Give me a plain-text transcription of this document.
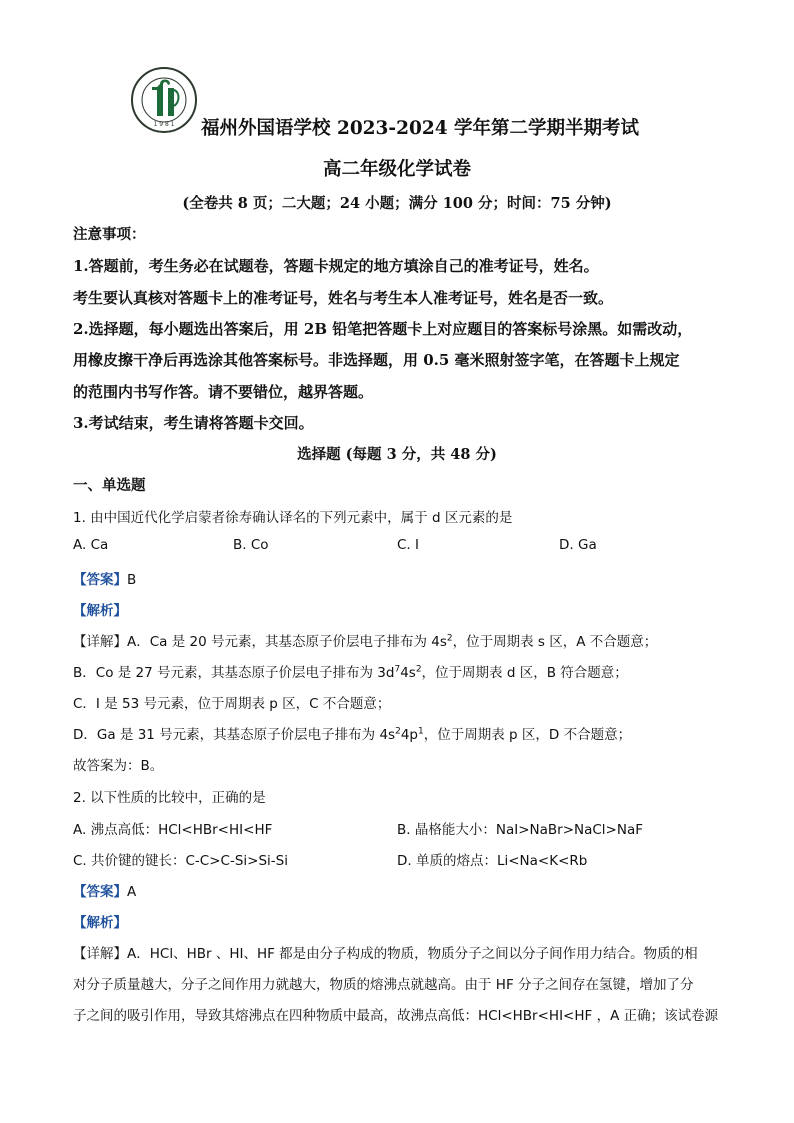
1 9 8 1 福州外国语学校 2023-2024 学年第二学期半期考试
高二年级化学试卷
(全卷共 8 页；二大题；24 小题；满分 100 分；时间：75 分钟)
注意事项：
1.答题前，考生务必在试题卷，答题卡规定的地方填涂自己的准考证号，姓名。
考生要认真核对答题卡上的准考证号，姓名与考生本人准考证号，姓名是否一致。
2.选择题，每小题选出答案后，用 2B 铅笔把答题卡上对应题目的答案标号涂黑。如需改动，
用橡皮擦干净后再选涂其他答案标号。非选择题，用 0.5 毫米照射签字笔，在答题卡上规定
的范围内书写作答。请不要错位，越界答题。
3.考试结束，考生请将答题卡交回。
选择题 (每题 3 分，共 48 分)
一、单选题
1. 由中国近代化学启蒙者徐寿确认译名的下列元素中，属于 d 区元素的是
A. Ca	B. Co	C. I	D. Ga
【答案】B
【解析】
【详解】A．Ca 是 20 号元素，其基态原子价层电子排布为 $4s^2$，位于周期表 s 区，A 不合题意；
B．Co 是 27 号元素，其基态原子价层电子排布为 $3d^74s^2$，位于周期表 d 区，B 符合题意；
C．I 是 53 号元素，位于周期表 p 区，C 不合题意；
D．Ga 是 31 号元素，其基态原子价层电子排布为 $4s^24p^1$，位于周期表 p 区，D 不合题意；
故答案为：B。
2. 以下性质的比较中，正确的是
A. 沸点高低：HCl<HBr<HI<HF	B. 晶格能大小：NaI>NaBr>NaCl>NaF
C. 共价键的键长：C-C>C-Si>Si-Si	D. 单质的熔点：Li<Na<K<Rb
【答案】A
【解析】
【详解】A．HCl、HBr 、HI、HF 都是由分子构成的物质，物质分子之间以分子间作用力结合。物质的相
对分子质量越大，分子之间作用力就越大，物质的熔沸点就越高。由于 HF 分子之间存在氢键，增加了分
子之间的吸引作用，导致其熔沸点在四种物质中最高，故沸点高低：HCl<HBr<HI<HF ，A 正确；该试卷源
